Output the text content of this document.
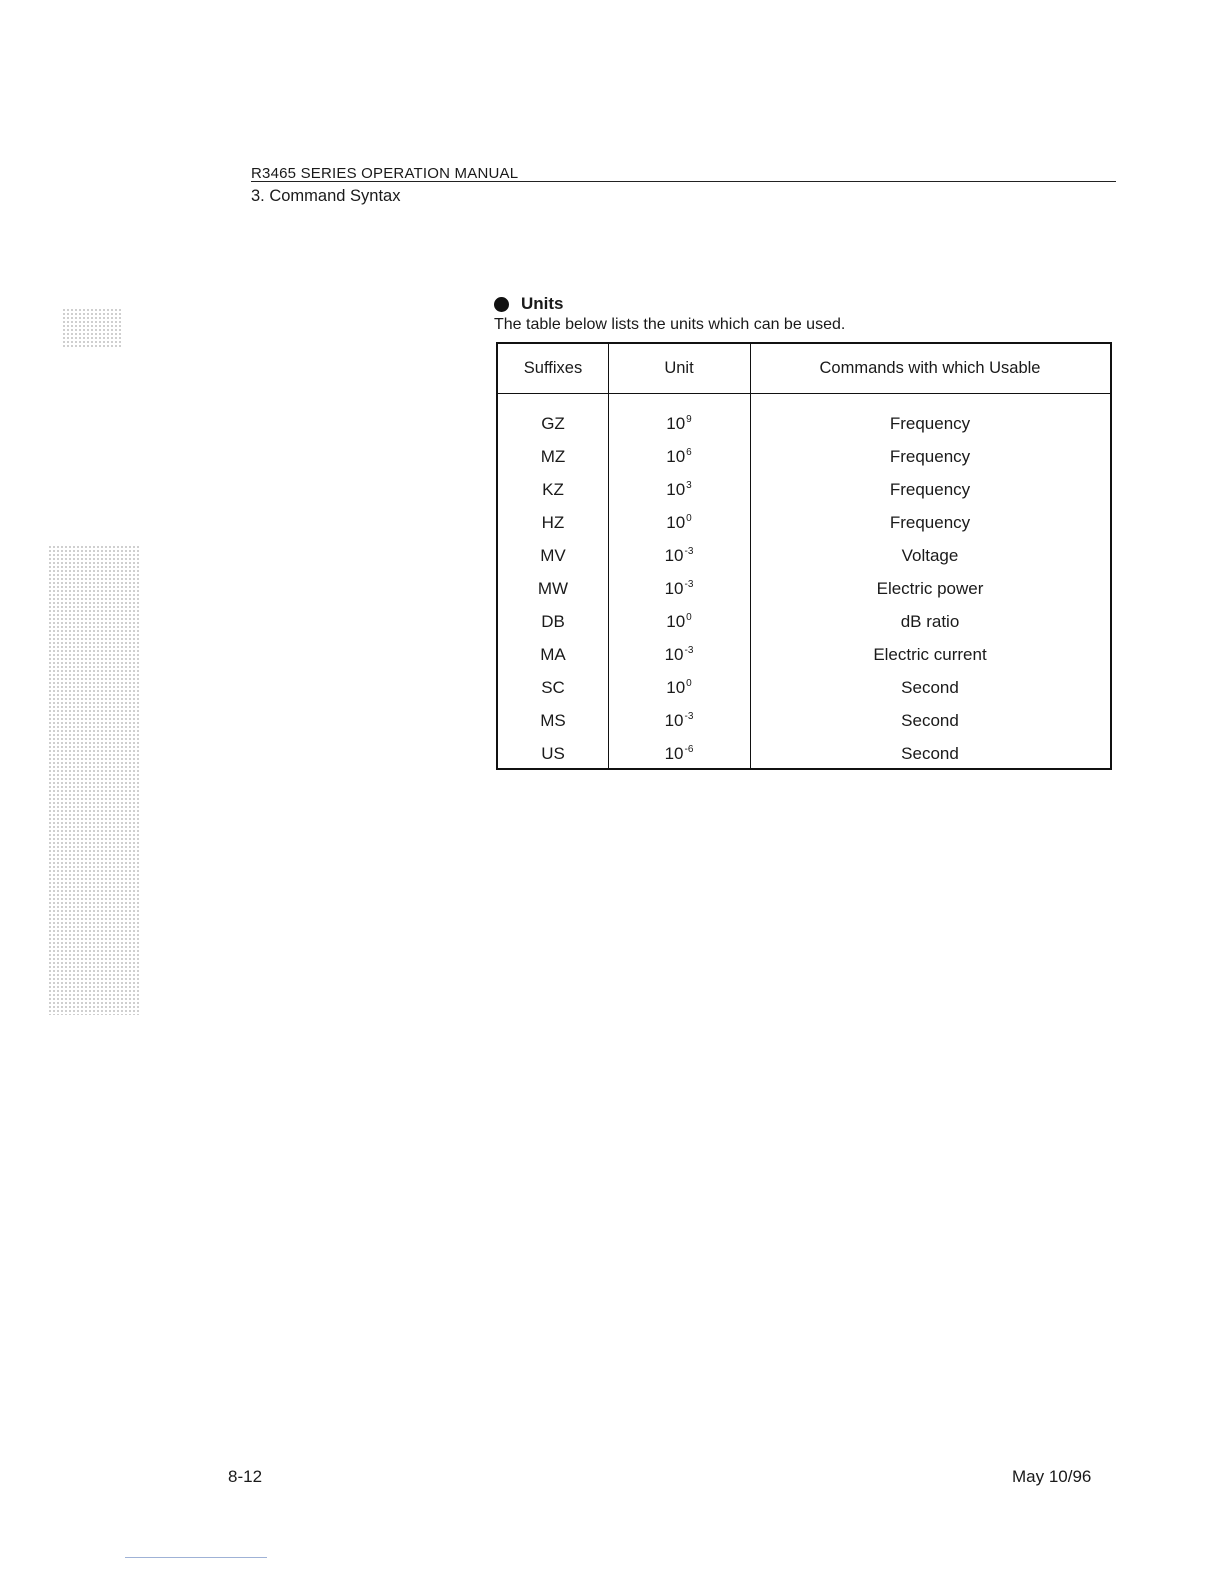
R3465 SERIES OPERATION MANUAL
3. Command Syntax
Units
The table below lists the units which can be used.
Suffixes	Unit	Commands with which Usable
GZ	$10^9$	Frequency
MZ	$10^6$	Frequency
KZ	$10^3$	Frequency
HZ	$10^0$	Frequency
MV	$10^{-3}$	Voltage
MW	$10^{-3}$	Electric power
DB	$10^0$	dB ratio
MA	$10^{-3}$	Electric current
SC	$10^0$	Second
MS	$10^{-3}$	Second
US	$10^{-6}$	Second
8-12	May 10/96
